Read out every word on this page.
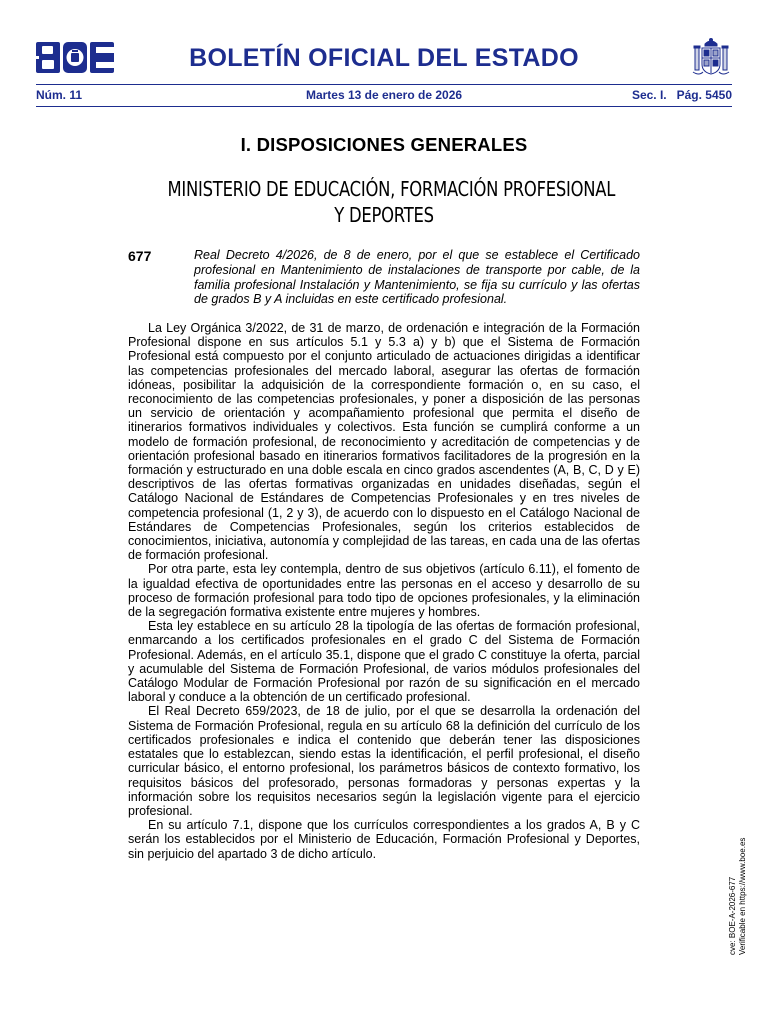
BOLETÍN OFICIAL DEL ESTADO
Núm. 11	Martes 13 de enero de 2026	Sec. I.   Pág. 5450
I. DISPOSICIONES GENERALES
MINISTERIO DE EDUCACIÓN, FORMACIÓN PROFESIONAL
Y DEPORTES
677	Real Decreto 4/2026, de 8 de enero, por el que se establece el Certificado profesional en Mantenimiento de instalaciones de transporte por cable, de la familia profesional Instalación y Mantenimiento, se fija su currículo y las ofertas de grados B y A incluidas en este certificado profesional.

La Ley Orgánica 3/2022, de 31 de marzo, de ordenación e integración de la Formación Profesional dispone en sus artículos 5.1 y 5.3 a) y b) que el Sistema de Formación Profesional está compuesto por el conjunto articulado de actuaciones dirigidas a identificar las competencias profesionales del mercado laboral, asegurar las ofertas de formación idóneas, posibilitar la adquisición de la correspondiente formación o, en su caso, el reconocimiento de las competencias profesionales, y poner a disposición de las personas un servicio de orientación y acompañamiento profesional que permita el diseño de itinerarios formativos individuales y colectivos. Esta función se cumplirá conforme a un modelo de formación profesional, de reconocimiento y acreditación de competencias y de orientación profesional basado en itinerarios formativos facilitadores de la progresión en la formación y estructurado en una doble escala en cinco grados ascendentes (A, B, C, D y E) descriptivos de las ofertas formativas organizadas en unidades diseñadas, según el Catálogo Nacional de Estándares de Competencias Profesionales y en tres niveles de competencia profesional (1, 2 y 3), de acuerdo con lo dispuesto en el Catálogo Nacional de Estándares de Competencias Profesionales, según los criterios establecidos de conocimientos, iniciativa, autonomía y complejidad de las tareas, en cada una de las ofertas de formación profesional.

Por otra parte, esta ley contempla, dentro de sus objetivos (artículo 6.11), el fomento de la igualdad efectiva de oportunidades entre las personas en el acceso y desarrollo de su proceso de formación profesional para todo tipo de opciones profesionales, y la eliminación de la segregación formativa existente entre mujeres y hombres.

Esta ley establece en su artículo 28 la tipología de las ofertas de formación profesional, enmarcando a los certificados profesionales en el grado C del Sistema de Formación Profesional. Además, en el artículo 35.1, dispone que el grado C constituye la oferta, parcial y acumulable del Sistema de Formación Profesional, de varios módulos profesionales del Catálogo Modular de Formación Profesional por razón de su significación en el mercado laboral y conduce a la obtención de un certificado profesional.

El Real Decreto 659/2023, de 18 de julio, por el que se desarrolla la ordenación del Sistema de Formación Profesional, regula en su artículo 68 la definición del currículo de los certificados profesionales e indica el contenido que deberán tener las disposiciones estatales que lo establezcan, siendo estas la identificación, el perfil profesional, el diseño curricular básico, el entorno profesional, los parámetros básicos de contexto formativo, los requisitos básicos del profesorado, personas formadoras y personas expertas y la información sobre los requisitos necesarios según la legislación vigente para el ejercicio profesional.

En su artículo 7.1, dispone que los currículos correspondientes a los grados A, B y C serán los establecidos por el Ministerio de Educación, Formación Profesional y Deportes, sin perjuicio del apartado 3 de dicho artículo.

cve: BOE-A-2026-677 Verificable en https://www.boe.es
